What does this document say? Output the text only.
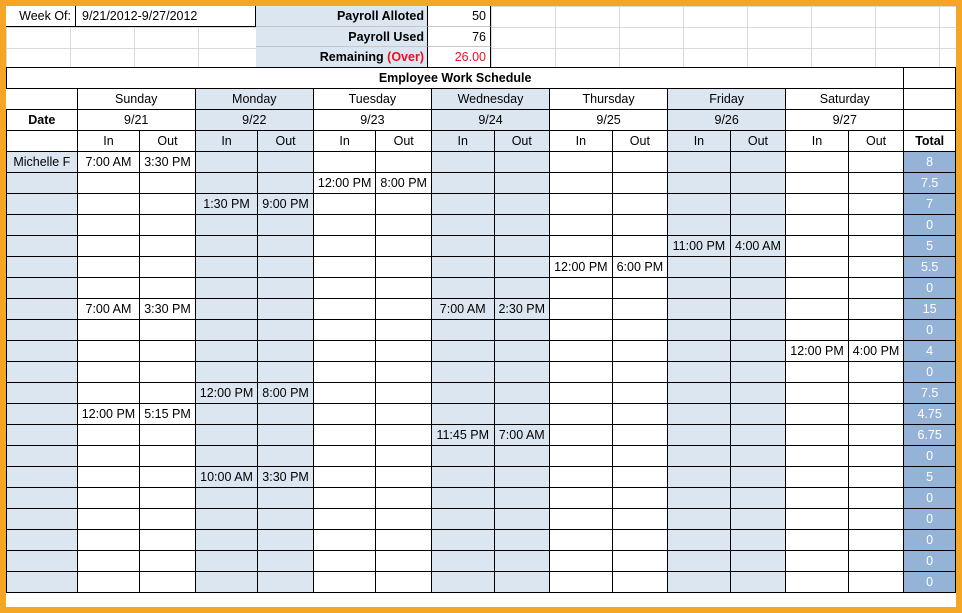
Week Of: 9/21/2012-9/27/2012	Payroll Alloted	50
Payroll Used	76
Remaining (Over)	26.00
Employee Work Schedule															
	Sunday		Monday		Tuesday		Wednesday		Thursday		Friday		Saturday		
Date	9/21		9/22		9/23		9/24		9/25		9/26		9/27		
	In	Out	In	Out	In	Out	In	Out	In	Out	In	Out	In	Out	Total
Michelle F	7:00 AM	3:30 PM													8
					12:00 PM	8:00 PM									7.5
			1:30 PM	9:00 PM											7
															0
											11:00 PM	4:00 AM			5
									12:00 PM	6:00 PM					5.5
															0
	7:00 AM	3:30 PM					7:00 AM	2:30 PM							15
															0
													12:00 PM	4:00 PM	4
															0
			12:00 PM	8:00 PM											7.5
	12:00 PM	5:15 PM													4.75
							11:45 PM	7:00 AM							6.75
															0
			10:00 AM	3:30 PM											5
															0
															0
															0
															0
															0
